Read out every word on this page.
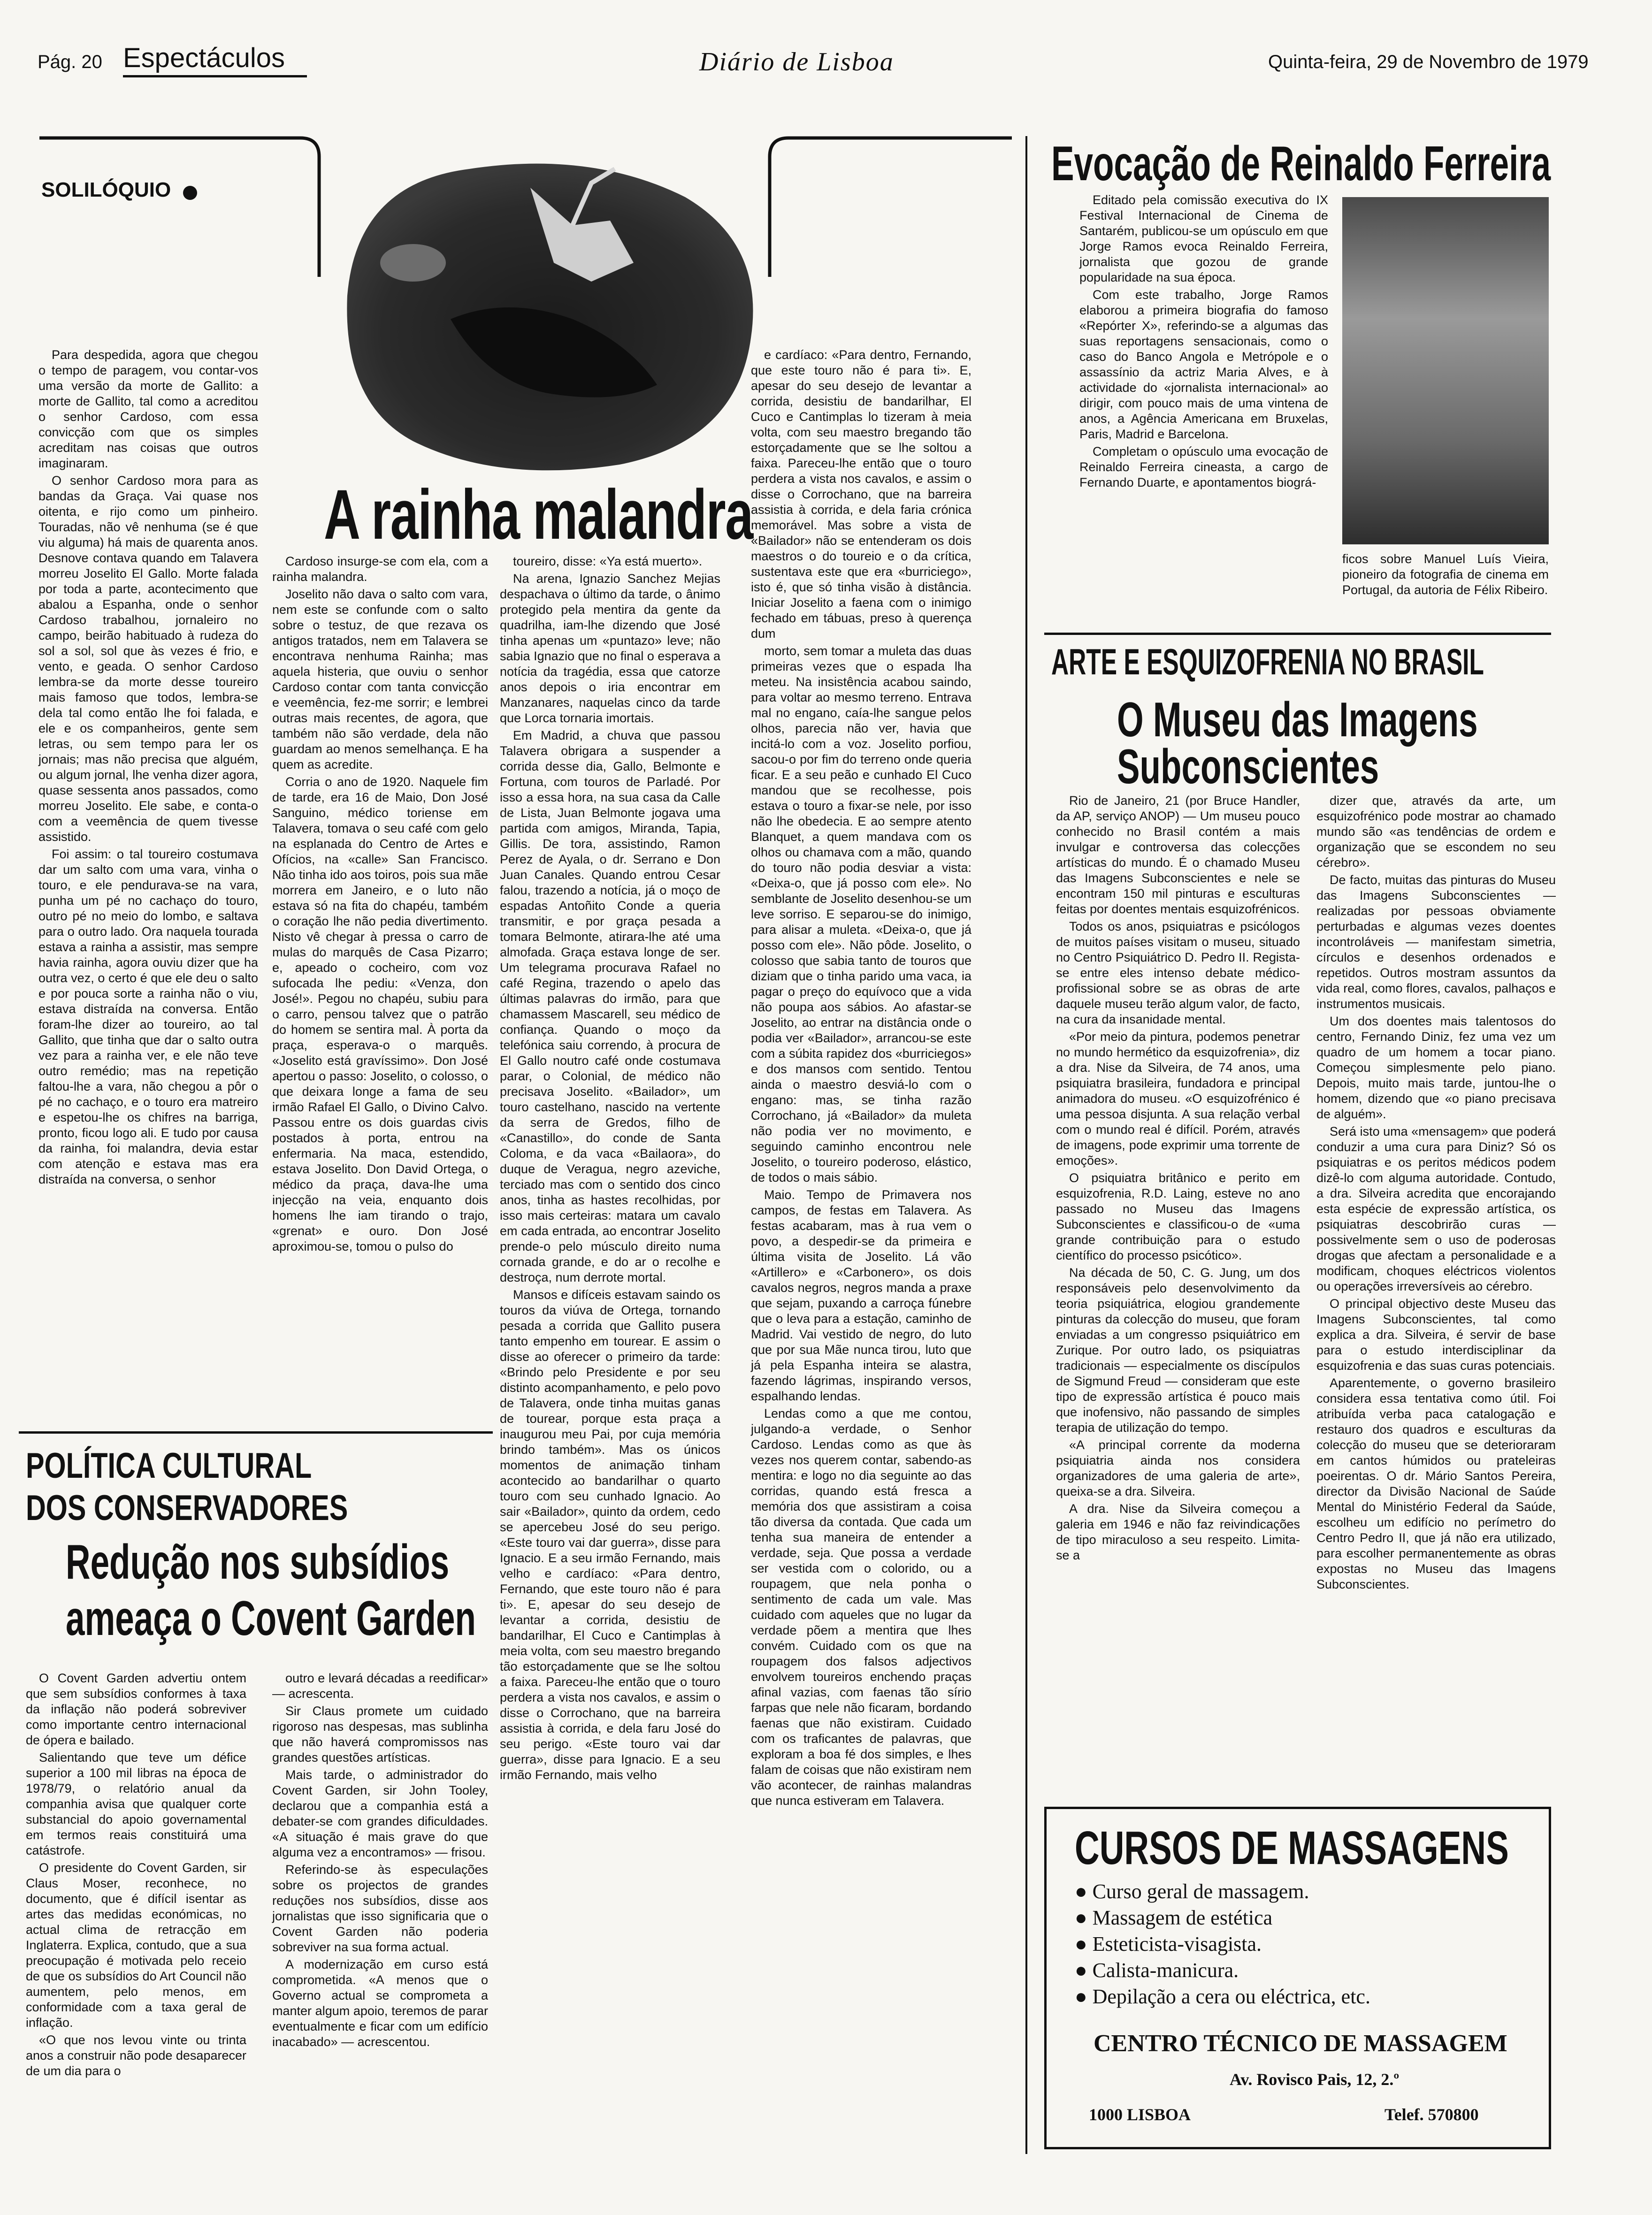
Pág. 20 Espectáculos	Diário de Lisboa	Quinta-feira, 29 de Novembro de 1979
SOLILÓQUIO
A rainha malandra

Para despedida, agora que chegou o tempo de paragem, vou contar-vos uma versão da morte de Gallito: a morte de Gallito, tal como a acreditou o senhor Cardoso, com essa convicção com que os simples acreditam nas coisas que outros imaginaram.

O senhor Cardoso mora para as bandas da Graça. Vai quase nos oitenta, e rijo como um pinheiro. Touradas, não vê nenhuma (se é que viu alguma) há mais de quarenta anos. Desnove contava quando em Talavera morreu Joselito El Gallo. Morte falada por toda a parte, acontecimento que abalou a Espanha, onde o senhor Cardoso trabalhou, jornaleiro no campo, beirão habituado à rudeza do sol a sol, sol que às vezes é frio, e vento, e geada. O senhor Cardoso lembra-se da morte desse toureiro mais famoso que todos, lembra-se dela tal como então lhe foi falada, e ele e os companheiros, gente sem letras, ou sem tempo para ler os jornais; mas não precisa que alguém, ou algum jornal, lhe venha dizer agora, quase sessenta anos passados, como morreu Joselito. Ele sabe, e conta-o com a veemência de quem tivesse assistido.

Foi assim: o tal toureiro costumava dar um salto com uma vara, vinha o touro, e ele pendurava-se na vara, punha um pé no cachaço do touro, outro pé no meio do lombo, e saltava para o outro lado. Ora naquela tourada estava a rainha a assistir, mas sempre havia rainha, agora ouviu dizer que ha outra vez, o certo é que ele deu o salto e por pouca sorte a rainha não o viu, estava distraída na conversa. Então foram-lhe dizer ao toureiro, ao tal Gallito, que tinha que dar o salto outra vez para a rainha ver, e ele não teve outro remédio; mas na repetição faltou-lhe a vara, não chegou a pôr o pé no cachaço, e o touro era matreiro e espetou-lhe os chifres na barriga, pronto, ficou logo ali. E tudo por causa da rainha, foi malandra, devia estar com atenção e estava mas era distraída na conversa, o senhor

Cardoso insurge-se com ela, com a rainha malandra.

Joselito não dava o salto com vara, nem este se confunde com o salto sobre o testuz, de que rezava os antigos tratados, nem em Talavera se encontrava nenhuma Rainha; mas aquela histeria, que ouviu o senhor Cardoso contar com tanta convicção e veemência, fez-me sorrir; e lembrei outras mais recentes, de agora, que também não são verdade, dela não guardam ao menos semelhança. E ha quem as acredite.

Corria o ano de 1920. Naquele fim de tarde, era 16 de Maio, Don José Sanguino, médico toriense em Talavera, tomava o seu café com gelo na esplanada do Centro de Artes e Ofícios, na «calle» San Francisco. Não tinha ido aos toiros, pois sua mãe morrera em Janeiro, e o luto não estava só na fita do chapéu, também o coração lhe não pedia divertimento. Nisto vê chegar à pressa o carro de mulas do marquês de Casa Pizarro; e, apeado o cocheiro, com voz sufocada lhe pediu: «Venza, don José!». Pegou no chapéu, subiu para o carro, pensou talvez que o patrão do homem se sentira mal. À porta da praça, esperava-o o marquês. «Joselito está gravíssimo». Don José apertou o passo: Joselito, o colosso, o que deixara longe a fama de seu irmão Rafael El Gallo, o Divino Calvo. Passou entre os dois guardas civis postados à porta, entrou na enfermaria. Na maca, estendido, estava Joselito. Don David Ortega, o médico da praça, dava-lhe uma injecção na veia, enquanto dois homens lhe iam tirando o trajo, «grenat» e ouro. Don José aproximou-se, tomou o pulso do

toureiro, disse: «Ya está muerto».

Na arena, Ignazio Sanchez Mejias despachava o último da tarde, o ânimo protegido pela mentira da gente da quadrilha, iam-lhe dizendo que José tinha apenas um «puntazo» leve; não sabia Ignazio que no final o esperava a notícia da tragédia, essa que catorze anos depois o iria encontrar em Manzanares, naquelas cinco da tarde que Lorca tornaria imortais.

Em Madrid, a chuva que passou Talavera obrigara a suspender a corrida desse dia, Gallo, Belmonte e Fortuna, com touros de Parladé. Por isso a essa hora, na sua casa da Calle de Lista, Juan Belmonte jogava uma partida com amigos, Miranda, Tapia, Gillis. De tora, assistindo, Ramon Perez de Ayala, o dr. Serrano e Don Juan Canales. Quando entrou Cesar falou, trazendo a notícia, já o moço de espadas Antoñito Conde a queria transmitir, e por graça pesada a tomara Belmonte, atirara-lhe até uma almofada. Graça estava longe de ser. Um telegrama procurava Rafael no café Regina, trazendo o apelo das últimas palavras do irmão, para que chamassem Mascarell, seu médico de confiança. Quando o moço da telefónica saiu correndo, à procura de El Gallo noutro café onde costumava parar, o Colonial, de médico não precisava Joselito. «Bailador», um touro castelhano, nascido na vertente da serra de Gredos, filho de «Canastillo», do conde de Santa Coloma, e da vaca «Bailaora», do duque de Veragua, negro azeviche, terciado mas com o sentido dos cinco anos, tinha as hastes recolhidas, por isso mais certeiras: matara um cavalo em cada entrada, ao encontrar Joselito prende-o pelo músculo direito numa cornada grande, e do ar o recolhe e destroça, num derrote mortal.

Mansos e difíceis estavam saindo os touros da viúva de Ortega, tornando pesada a corrida que Gallito pusera tanto empenho em tourear. E assim o disse ao oferecer o primeiro da tarde: «Brindo pelo Presidente e por seu distinto acompanhamento, e pelo povo de Talavera, onde tinha muitas ganas de tourear, porque esta praça a inaugurou meu Pai, por cuja memória brindo também». Mas os únicos momentos de animação tinham acontecido ao bandarilhar o quarto touro com seu cunhado Ignacio. Ao sair «Bailador», quinto da ordem, cedo se apercebeu José do seu perigo. «Este touro vai dar guerra», disse para Ignacio. E a seu irmão Fernando, mais velho e cardíaco: «Para dentro, Fernando, que este touro não é para ti». E, apesar do seu desejo de levantar a corrida, desistiu de bandarilhar, El Cuco e Cantimplas à meia volta, com seu maestro bregando tão estorçadamente que se lhe soltou a faixa. Pareceu-lhe então que o touro perdera a vista nos cavalos, e assim o disse o Corrochano, que na barreira assistia à corrida, e dela faru José do seu perigo. «Este touro vai dar guerra», disse para Ignacio. E a seu irmão Fernando, mais velho

e cardíaco: «Para dentro, Fernando, que este touro não é para ti». E, apesar do seu desejo de levantar a corrida, desistiu de bandarilhar, El Cuco e Cantimplas lo tizeram à meia volta, com seu maestro bregando tão estorçadamente que se lhe soltou a faixa. Pareceu-lhe então que o touro perdera a vista nos cavalos, e assim o disse o Corrochano, que na barreira assistia à corrida, e dela faria crónica memorável. Mas sobre a vista de «Bailador» não se entenderam os dois maestros o do toureio e o da crítica, sustentava este que era «burriciego», isto é, que só tinha visão à distância. Iniciar Joselito a faena com o inimigo fechado em tábuas, preso à querença dum

morto, sem tomar a muleta das duas primeiras vezes que o espada lha meteu. Na insistência acabou saindo, para voltar ao mesmo terreno. Entrava mal no engano, caía-lhe sangue pelos olhos, parecia não ver, havia que incitá-lo com a voz. Joselito porfiou, sacou-o por fim do terreno onde queria ficar. E a seu peão e cunhado El Cuco mandou que se recolhesse, pois estava o touro a fixar-se nele, por isso não lhe obedecia. E ao sempre atento Blanquet, a quem mandava com os olhos ou chamava com a mão, quando do touro não podia desviar a vista: «Deixa-o, que já posso com ele». No semblante de Joselito desenhou-se um leve sorriso. E separou-se do inimigo, para alisar a muleta. «Deixa-o, que já posso com ele». Não pôde. Joselito, o colosso que sabia tanto de touros que diziam que o tinha parido uma vaca, ia pagar o preço do equívoco que a vida não poupa aos sábios. Ao afastar-se Joselito, ao entrar na distância onde o podia ver «Bailador», arrancou-se este com a súbita rapidez dos «burriciegos» e dos mansos com sentido. Tentou ainda o maestro desviá-lo com o engano: mas, se tinha razão Corrochano, já «Bailador» da muleta não podia ver no movimento, e seguindo caminho encontrou nele Joselito, o toureiro poderoso, elástico, de todos o mais sábio.

Maio. Tempo de Primavera nos campos, de festas em Talavera. As festas acabaram, mas à rua vem o povo, a despedir-se da primeira e última visita de Joselito. Lá vão «Artillero» e «Carbonero», os dois cavalos negros, negros manda a praxe que sejam, puxando a carroça fúnebre que o leva para a estação, caminho de Madrid. Vai vestido de negro, do luto que por sua Mãe nunca tirou, luto que já pela Espanha inteira se alastra, fazendo lágrimas, inspirando versos, espalhando lendas.

Lendas como a que me contou, julgando-a verdade, o Senhor Cardoso. Lendas como as que às vezes nos querem contar, sabendo-as mentira: e logo no dia seguinte ao das corridas, quando está fresca a memória dos que assistiram a coisa tão diversa da contada. Que cada um tenha sua maneira de entender a verdade, seja. Que possa a verdade ser vestida com o colorido, ou a roupagem, que nela ponha o sentimento de cada um vale. Mas cuidado com aqueles que no lugar da verdade põem a mentira que lhes convém. Cuidado com os que na roupagem dos falsos adjectivos envolvem toureiros enchendo praças afinal vazias, com faenas tão sírio farpas que nele não ficaram, bordando faenas que não existiram. Cuidado com os traficantes de palavras, que exploram a boa fé dos simples, e lhes falam de coisas que não existiram nem vão acontecer, de rainhas malandras que nunca estiveram em Talavera.

POLÍTICA CULTURAL
DOS CONSERVADORES
Redução nos subsídios
ameaça o Covent Garden

O Covent Garden advertiu ontem que sem subsídios conformes à taxa da inflação não poderá sobreviver como importante centro internacional de ópera e bailado.

Salientando que teve um défice superior a 100 mil libras na época de 1978/79, o relatório anual da companhia avisa que qualquer corte substancial do apoio governamental em termos reais constituirá uma catástrofe.

O presidente do Covent Garden, sir Claus Moser, reconhece, no documento, que é difícil isentar as artes das medidas económicas, no actual clima de retracção em Inglaterra. Explica, contudo, que a sua preocupação é motivada pelo receio de que os subsídios do Art Council não aumentem, pelo menos, em conformidade com a taxa geral de inflação.

«O que nos levou vinte ou trinta anos a construir não pode desaparecer de um dia para o

outro e levará décadas a reedificar» — acrescenta.

Sir Claus promete um cuidado rigoroso nas despesas, mas sublinha que não haverá compromissos nas grandes questões artísticas.

Mais tarde, o administrador do Covent Garden, sir John Tooley, declarou que a companhia está a debater-se com grandes dificuldades. «A situação é mais grave do que alguma vez a encontramos» — frisou.

Referindo-se às especulações sobre os projectos de grandes reduções nos subsídios, disse aos jornalistas que isso significaria que o Covent Garden não poderia sobreviver na sua forma actual.

A modernização em curso está comprometida. «A menos que o Governo actual se comprometa a manter algum apoio, teremos de parar eventualmente e ficar com um edifício inacabado» — acrescentou.

Evocação de Reinaldo Ferreira

Editado pela comissão executiva do IX Festival Internacional de Cinema de Santarém, publicou-se um opúsculo em que Jorge Ramos evoca Reinaldo Ferreira, jornalista que gozou de grande popularidade na sua época.

Com este trabalho, Jorge Ramos elaborou a primeira biografia do famoso «Repórter X», referindo-se a algumas das suas reportagens sensacionais, como o caso do Banco Angola e Metrópole e o assassínio da actriz Maria Alves, e à actividade do «jornalista internacional» ao dirigir, com pouco mais de uma vintena de anos, a Agência Americana em Bruxelas, Paris, Madrid e Barcelona.

Completam o opúsculo uma evocação de Reinaldo Ferreira cineasta, a cargo de Fernando Duarte, e apontamentos biográ-

ficos sobre Manuel Luís Vieira, pioneiro da fotografia de cinema em Portugal, da autoria de Félix Ribeiro.
ARTE E ESQUIZOFRENIA NO BRASIL
O Museu das Imagens
Subconscientes

Rio de Janeiro, 21 (por Bruce Handler, da AP, serviço ANOP) — Um museu pouco conhecido no Brasil contém a mais invulgar e controversa das colecções artísticas do mundo. É o chamado Museu das Imagens Subconscientes e nele se encontram 150 mil pinturas e esculturas feitas por doentes mentais esquizofrénicos.

Todos os anos, psiquiatras e psicólogos de muitos países visitam o museu, situado no Centro Psiquiátrico D. Pedro II. Regista-se entre eles intenso debate médico-profissional sobre se as obras de arte daquele museu terão algum valor, de facto, na cura da insanidade mental.

«Por meio da pintura, podemos penetrar no mundo hermético da esquizofrenia», diz a dra. Nise da Silveira, de 74 anos, uma psiquiatra brasileira, fundadora e principal animadora do museu. «O esquizofrénico é uma pessoa disjunta. A sua relação verbal com o mundo real é difícil. Porém, através de imagens, pode exprimir uma torrente de emoções».

O psiquiatra britânico e perito em esquizofrenia, R.D. Laing, esteve no ano passado no Museu das Imagens Subconscientes e classificou-o de «uma grande contribuição para o estudo científico do processo psicótico».

Na década de 50, C. G. Jung, um dos responsáveis pelo desenvolvimento da teoria psiquiátrica, elogiou grandemente pinturas da colecção do museu, que foram enviadas a um congresso psiquiátrico em Zurique. Por outro lado, os psiquiatras tradicionais — especialmente os discípulos de Sigmund Freud — consideram que este tipo de expressão artística é pouco mais que inofensivo, não passando de simples terapia de utilização do tempo.

«A principal corrente da moderna psiquiatria ainda nos considera organizadores de uma galeria de arte», queixa-se a dra. Silveira.

A dra. Nise da Silveira começou a galeria em 1946 e não faz reivindicações de tipo miraculoso a seu respeito. Limita-se a

dizer que, através da arte, um esquizofrénico pode mostrar ao chamado mundo são «as tendências de ordem e organização que se escondem no seu cérebro».

De facto, muitas das pinturas do Museu das Imagens Subconscientes — realizadas por pessoas obviamente perturbadas e algumas vezes doentes incontroláveis — manifestam simetria, círculos e desenhos ordenados e repetidos. Outros mostram assuntos da vida real, como flores, cavalos, palhaços e instrumentos musicais.

Um dos doentes mais talentosos do centro, Fernando Diniz, fez uma vez um quadro de um homem a tocar piano. Começou simplesmente pelo piano. Depois, muito mais tarde, juntou-lhe o homem, dizendo que «o piano precisava de alguém».

Será isto uma «mensagem» que poderá conduzir a uma cura para Diniz? Só os psiquiatras e os peritos médicos podem dizê-lo com alguma autoridade. Contudo, a dra. Silveira acredita que encorajando esta espécie de expressão artística, os psiquiatras descobrirão curas — possivelmente sem o uso de poderosas drogas que afectam a personalidade e a modificam, choques eléctricos violentos ou operações irreversíveis ao cérebro.

O principal objectivo deste Museu das Imagens Subconscientes, tal como explica a dra. Silveira, é servir de base para o estudo interdisciplinar da esquizofrenia e das suas curas potenciais.

Aparentemente, o governo brasileiro considera essa tentativa como útil. Foi atribuída verba paca catalogação e restauro dos quadros e esculturas da colecção do museu que se deterioraram em cantos húmidos ou prateleiras poeirentas. O dr. Mário Santos Pereira, director da Divisão Nacional de Saúde Mental do Ministério Federal da Saúde, escolheu um edifício no perímetro do Centro Pedro II, que já não era utilizado, para escolher permanentemente as obras expostas no Museu das Imagens Subconscientes.

CURSOS DE MASSAGENS
● Curso geral de massagem.
● Massagem de estética
● Esteticista-visagista.
● Calista-manicura.
● Depilação a cera ou eléctrica, etc.
CENTRO TÉCNICO DE MASSAGEM
Av. Rovisco Pais, 12, 2.º
1000 LISBOA	Telef. 570800
